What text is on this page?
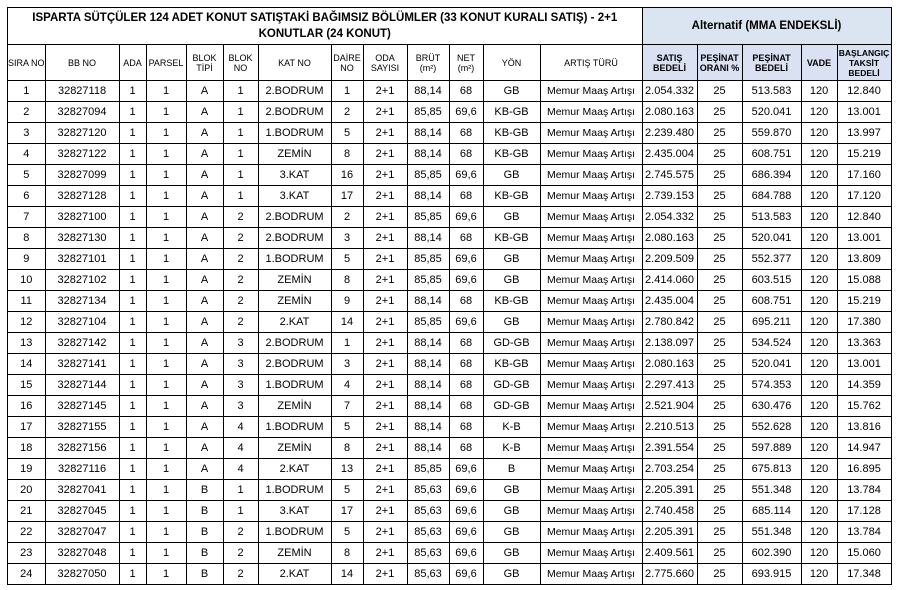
ISPARTA SÜTÇÜLER 124 ADET KONUT SATIŞTAKİ BAĞIMSIZ BÖLÜMLER (33 KONUT KURALI SATIŞ) - 2+1 KONUTLAR (24 KONUT)													Alternatif (MMA ENDEKSLİ)				
SIRA NO	BB NO	ADA	PARSEL	BLOK TİPİ	BLOK NO	KAT NO	DAİRE NO	ODA SAYISI	BRÜT (m²)	NET (m²)	YÖN	ARTIŞ TÜRÜ	SATIŞ BEDELİ	PEŞİNAT ORANI %	PEŞİNAT BEDELİ	VADE	BAŞLANGIÇ TAKSİT BEDELİ
1	32827118	1	1	A	1	2.BODRUM	1	2+1	88,14	68	GB	Memur Maaş Artışı	2.054.332	25	513.583	120	12.840
2	32827094	1	1	A	1	2.BODRUM	2	2+1	85,85	69,6	KB-GB	Memur Maaş Artışı	2.080.163	25	520.041	120	13.001
3	32827120	1	1	A	1	1.BODRUM	5	2+1	88,14	68	KB-GB	Memur Maaş Artışı	2.239.480	25	559.870	120	13.997
4	32827122	1	1	A	1	ZEMİN	8	2+1	88,14	68	KB-GB	Memur Maaş Artışı	2.435.004	25	608.751	120	15.219
5	32827099	1	1	A	1	3.KAT	16	2+1	85,85	69,6	GB	Memur Maaş Artışı	2.745.575	25	686.394	120	17.160
6	32827128	1	1	A	1	3.KAT	17	2+1	88,14	68	KB-GB	Memur Maaş Artışı	2.739.153	25	684.788	120	17.120
7	32827100	1	1	A	2	2.BODRUM	2	2+1	85,85	69,6	GB	Memur Maaş Artışı	2.054.332	25	513.583	120	12.840
8	32827130	1	1	A	2	2.BODRUM	3	2+1	88,14	68	KB-GB	Memur Maaş Artışı	2.080.163	25	520.041	120	13.001
9	32827101	1	1	A	2	1.BODRUM	5	2+1	85,85	69,6	GB	Memur Maaş Artışı	2.209.509	25	552.377	120	13.809
10	32827102	1	1	A	2	ZEMİN	8	2+1	85,85	69,6	GB	Memur Maaş Artışı	2.414.060	25	603.515	120	15.088
11	32827134	1	1	A	2	ZEMİN	9	2+1	88,14	68	KB-GB	Memur Maaş Artışı	2.435.004	25	608.751	120	15.219
12	32827104	1	1	A	2	2.KAT	14	2+1	85,85	69,6	GB	Memur Maaş Artışı	2.780.842	25	695.211	120	17.380
13	32827142	1	1	A	3	2.BODRUM	1	2+1	88,14	68	GD-GB	Memur Maaş Artışı	2.138.097	25	534.524	120	13.363
14	32827141	1	1	A	3	2.BODRUM	3	2+1	88,14	68	KB-GB	Memur Maaş Artışı	2.080.163	25	520.041	120	13.001
15	32827144	1	1	A	3	1.BODRUM	4	2+1	88,14	68	GD-GB	Memur Maaş Artışı	2.297.413	25	574.353	120	14.359
16	32827145	1	1	A	3	ZEMİN	7	2+1	88,14	68	GD-GB	Memur Maaş Artışı	2.521.904	25	630.476	120	15.762
17	32827155	1	1	A	4	1.BODRUM	5	2+1	88,14	68	K-B	Memur Maaş Artışı	2.210.513	25	552.628	120	13.816
18	32827156	1	1	A	4	ZEMİN	8	2+1	88,14	68	K-B	Memur Maaş Artışı	2.391.554	25	597.889	120	14.947
19	32827116	1	1	A	4	2.KAT	13	2+1	85,85	69,6	B	Memur Maaş Artışı	2.703.254	25	675.813	120	16.895
20	32827041	1	1	B	1	1.BODRUM	5	2+1	85,63	69,6	GB	Memur Maaş Artışı	2.205.391	25	551.348	120	13.784
21	32827045	1	1	B	1	3.KAT	17	2+1	85,63	69,6	GB	Memur Maaş Artışı	2.740.458	25	685.114	120	17.128
22	32827047	1	1	B	2	1.BODRUM	5	2+1	85,63	69,6	GB	Memur Maaş Artışı	2.205.391	25	551.348	120	13.784
23	32827048	1	1	B	2	ZEMİN	8	2+1	85,63	69,6	GB	Memur Maaş Artışı	2.409.561	25	602.390	120	15.060
24	32827050	1	1	B	2	2.KAT	14	2+1	85,63	69,6	GB	Memur Maaş Artışı	2.775.660	25	693.915	120	17.348
